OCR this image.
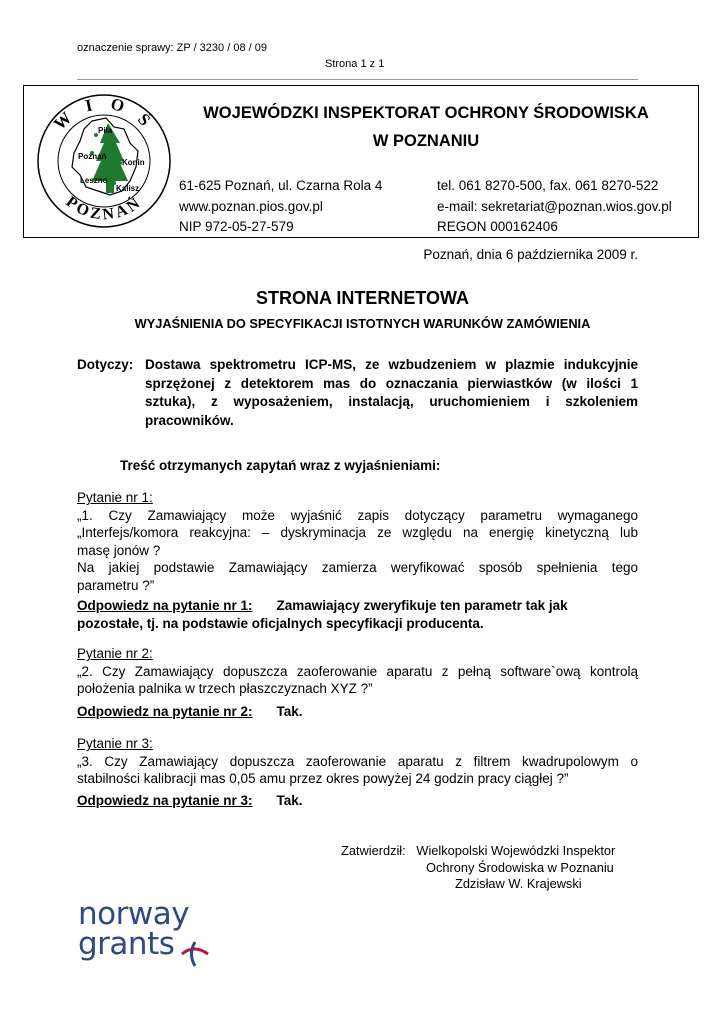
oznaczenie sprawy: ZP / 3230 / 08 / 09
Strona 1 z 1
W I O Ś
POZNAŃ
Piła
Poznań
Konin
Leszno
Kalisz
WOJEWÓDZKI INSPEKTORAT OCHRONY ŚRODOWISKA
W POZNANIU
61-625 Poznań, ul. Czarna Rola 4
www.poznan.pios.gov.pl
NIP 972-05-27-579
tel. 061 8270-500, fax. 061 8270-522
e-mail: sekretariat@poznan.wios.gov.pl
REGON 000162406
Poznań, dnia 6 października 2009 r.
STRONA INTERNETOWA
WYJAŚNIENIA DO SPECYFIKACJI ISTOTNYCH WARUNKÓW ZAMÓWIENIA
Dotyczy: Dostawa spektrometru ICP-MS, ze wzbudzeniem w plazmie indukcyjnie
sprzężonej z detektorem mas do oznaczania pierwiastków (w ilości 1
sztuka), z wyposażeniem, instalacją, uruchomieniem i szkoleniem
pracowników.
Treść otrzymanych zapytań wraz z wyjaśnieniami:
Pytanie nr 1:
„1. Czy Zamawiający może wyjaśnić zapis dotyczący parametru wymaganego
„Interfejs/komora reakcyjna: – dyskryminacja ze względu na energię kinetyczną lub
masę jonów ?
Na jakiej podstawie Zamawiający zamierza weryfikować sposób spełnienia tego
parametru ?”
Odpowiedz na pytanie nr 1: Zamawiający zweryfikuje ten parametr tak jak
pozostałe, tj. na podstawie oficjalnych specyfikacji producenta.
Pytanie nr 2:
„2. Czy Zamawiający dopuszcza zaoferowanie aparatu z pełną software`ową kontrolą
położenia palnika w trzech płaszczyznach XYZ ?”
Odpowiedz na pytanie nr 2: Tak.
Pytanie nr 3:
„3. Czy Zamawiający dopuszcza zaoferowanie aparatu z filtrem kwadrupolowym o
stabilności kalibracji mas 0,05 amu przez okres powyżej 24 godzin pracy ciągłej ?”
Odpowiedz na pytanie nr 3: Tak.
Zatwierdził: Wielkopolski Wojewódzki Inspektor
Ochrony Środowiska w Poznaniu
Zdzisław W. Krajewski
norway
grants
